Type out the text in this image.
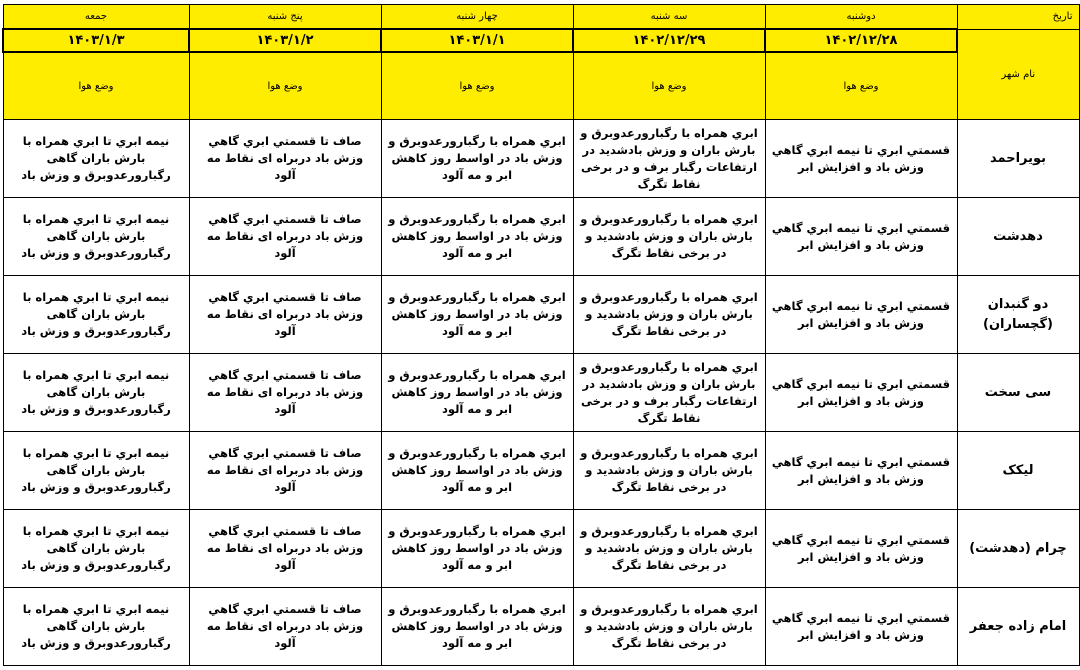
تاریخ	دوشنبه	سه شنبه	چهار شنبه	پنج شنبه	جمعه
نام شهر	۱۴۰۲/۱۲/۲۸	۱۴۰۲/۱۲/۲۹	۱۴۰۳/۱/۱	۱۴۰۳/۱/۲	۱۴۰۳/۱/۳
	وضع هوا	وضع هوا	وضع هوا	وضع هوا	وضع هوا
بویراحمد	قسمتي ابري تا نيمه ابري گاهي وزش باد و افزایش ابر	ابري همراه با رگبارورعدوبرق و بارش باران و وزش بادشدید در ارتفاعات رگبار برف و در برخی نقاط تگرگ	ابري همراه با رگبارورعدوبرق و وزش باد در اواسط روز کاهش ابر و مه آلود	صاف تا قسمتي ابري گاهي وزش باد دربراه ای نقاط مه آلود	نیمه ابري تا ابري همراه با بارش باران گاهی رگبارورعدوبرق و وزش باد
دهدشت	قسمتي ابري تا نيمه ابري گاهي وزش باد و افزایش ابر	ابري همراه با رگبارورعدوبرق و بارش باران و وزش بادشدید و در برخی نقاط تگرگ	ابري همراه با رگبارورعدوبرق و وزش باد در اواسط روز کاهش ابر و مه آلود	صاف تا قسمتي ابري گاهي وزش باد دربراه ای نقاط مه آلود	نیمه ابري تا ابري همراه با بارش باران گاهی رگبارورعدوبرق و وزش باد
دو گنبدان (گچساران)	قسمتي ابري تا نيمه ابري گاهي وزش باد و افزایش ابر	ابري همراه با رگبارورعدوبرق و بارش باران و وزش بادشدید و در برخی نقاط تگرگ	ابري همراه با رگبارورعدوبرق و وزش باد در اواسط روز کاهش ابر و مه آلود	صاف تا قسمتي ابري گاهي وزش باد دربراه ای نقاط مه آلود	نیمه ابري تا ابري همراه با بارش باران گاهی رگبارورعدوبرق و وزش باد
سی سخت	قسمتي ابري تا نيمه ابري گاهي وزش باد و افزایش ابر	ابري همراه با رگبارورعدوبرق و بارش باران و وزش بادشدید در ارتفاعات رگبار برف و در برخی نقاط تگرگ	ابري همراه با رگبارورعدوبرق و وزش باد در اواسط روز کاهش ابر و مه آلود	صاف تا قسمتي ابري گاهي وزش باد دربراه ای نقاط مه آلود	نیمه ابري تا ابري همراه با بارش باران گاهی رگبارورعدوبرق و وزش باد
لیکک	قسمتي ابري تا نيمه ابري گاهي وزش باد و افزایش ابر	ابري همراه با رگبارورعدوبرق و بارش باران و وزش بادشدید و در برخی نقاط تگرگ	ابري همراه با رگبارورعدوبرق و وزش باد در اواسط روز کاهش ابر و مه آلود	صاف تا قسمتي ابري گاهي وزش باد دربراه ای نقاط مه آلود	نیمه ابري تا ابري همراه با بارش باران گاهی رگبارورعدوبرق و وزش باد
چرام (دهدشت)	قسمتي ابري تا نيمه ابري گاهي وزش باد و افزایش ابر	ابري همراه با رگبارورعدوبرق و بارش باران و وزش بادشدید و در برخی نقاط تگرگ	ابري همراه با رگبارورعدوبرق و وزش باد در اواسط روز کاهش ابر و مه آلود	صاف تا قسمتي ابري گاهي وزش باد دربراه ای نقاط مه آلود	نیمه ابري تا ابري همراه با بارش باران گاهی رگبارورعدوبرق و وزش باد
امام زاده جعفر	قسمتي ابري تا نيمه ابري گاهي وزش باد و افزایش ابر	ابري همراه با رگبارورعدوبرق و بارش باران و وزش بادشدید و در برخی نقاط تگرگ	ابري همراه با رگبارورعدوبرق و وزش باد در اواسط روز کاهش ابر و مه آلود	صاف تا قسمتي ابري گاهي وزش باد دربراه ای نقاط مه آلود	نیمه ابري تا ابري همراه با بارش باران گاهی رگبارورعدوبرق و وزش باد
